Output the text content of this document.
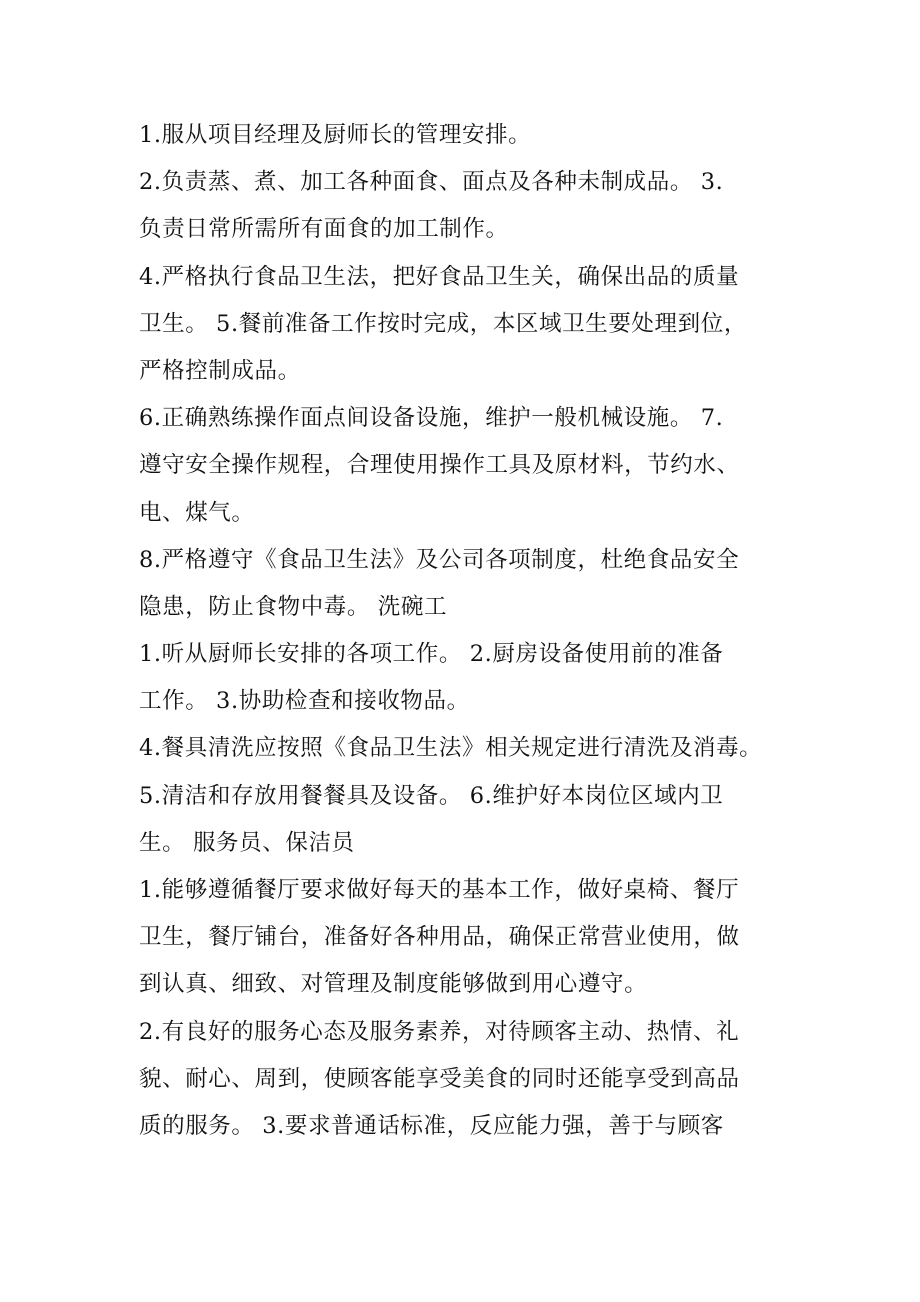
1.服从项目经理及厨师长的管理安排。
2.负责蒸、煮、加工各种面食、面点及各种未制成品。 3.
负责日常所需所有面食的加工制作。
4.严格执行食品卫生法，把好食品卫生关，确保出品的质量
卫生。 5.餐前准备工作按时完成，本区域卫生要处理到位，
严格控制成品。
6.正确熟练操作面点间设备设施，维护一般机械设施。 7.
遵守安全操作规程，合理使用操作工具及原材料，节约水、
电、煤气。
8.严格遵守《食品卫生法》及公司各项制度，杜绝食品安全
隐患，防止食物中毒。 洗碗工
1.听从厨师长安排的各项工作。 2.厨房设备使用前的准备
工作。 3.协助检查和接收物品。
4.餐具清洗应按照《食品卫生法》相关规定进行清洗及消毒。
5.清洁和存放用餐餐具及设备。 6.维护好本岗位区域内卫
生。 服务员、保洁员
1.能够遵循餐厅要求做好每天的基本工作，做好桌椅、餐厅
卫生，餐厅铺台，准备好各种用品，确保正常营业使用，做
到认真、细致、对管理及制度能够做到用心遵守。
2.有良好的服务心态及服务素养，对待顾客主动、热情、礼
貌、耐心、周到，使顾客能享受美食的同时还能享受到高品
质的服务。 3.要求普通话标准，反应能力强，善于与顾客
